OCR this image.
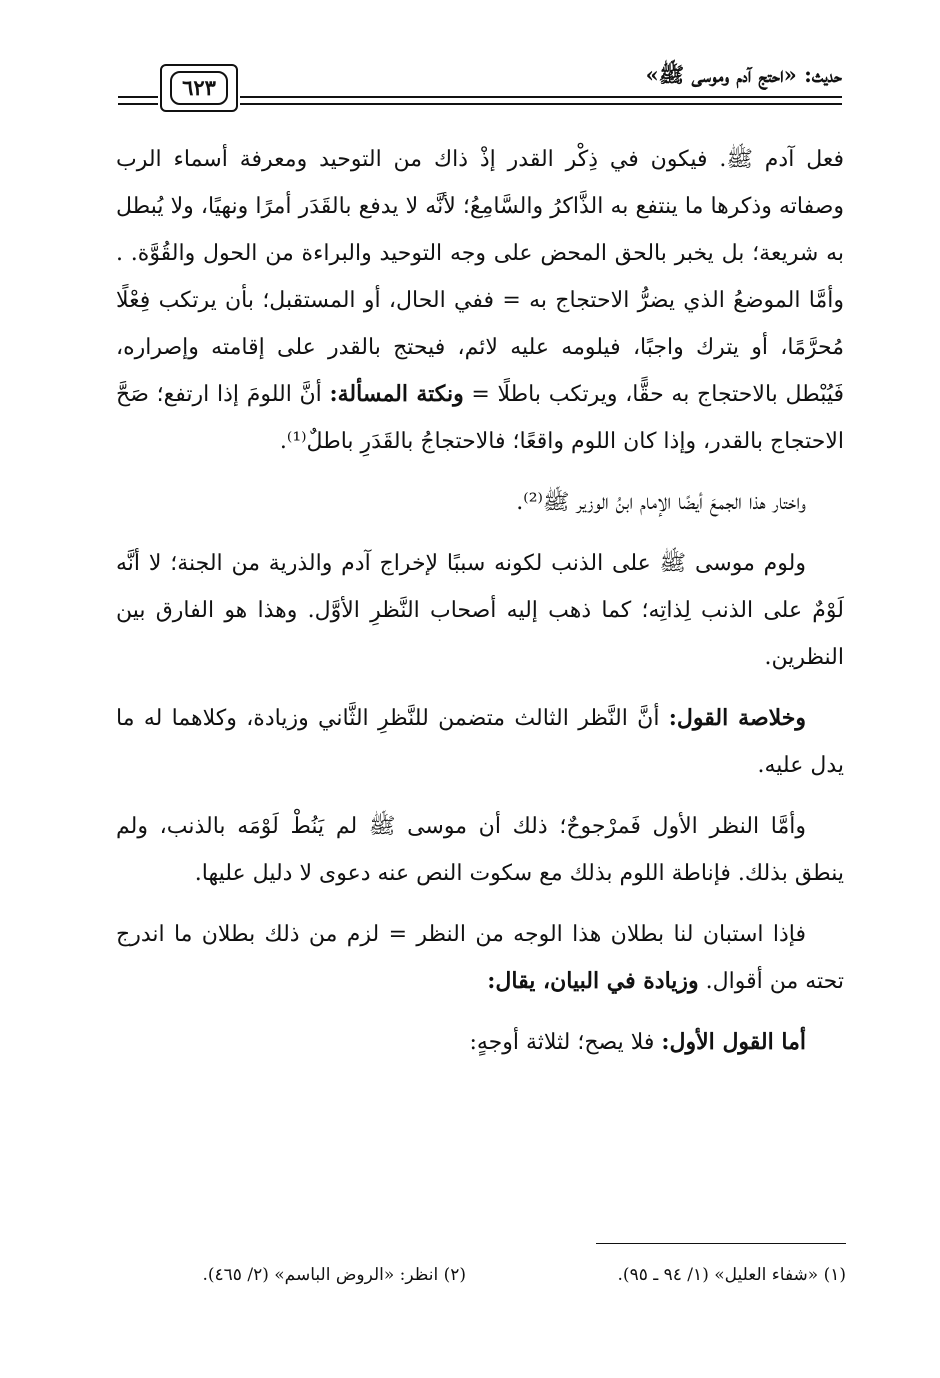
حديث: «احتج آدم وموسى ﷺ»
٦٢٣

فعل آدم ﷺ. فيكون في ذِكْر القدر إذْ ذاك من التوحيد ومعرفة أسماء الرب وصفاته وذكرها ما ينتفع به الذَّاكرُ والسَّامِعُ؛ لأنَّه لا يدفع بالقَدَر أمرًا ونهيًا، ولا يُبطل به شريعة؛ بل يخبر بالحق المحض على وجه التوحيد والبراءة من الحول والقُوَّة. . وأمَّا الموضعُ الذي يضرُّ الاحتجاج به = ففي الحال، أو المستقبل؛ بأن يرتكب فِعْلًا مُحرَّمًا، أو يترك واجبًا، فيلومه عليه لائم، فيحتج بالقدر على إقامته وإصراره، فَيُبْطل بالاحتجاج به حقًّا، ويرتكب باطلًا = ونكتة المسألة: أنَّ اللومَ إذا ارتفع؛ صَحَّ الاحتجاج بالقدر، وإذا كان اللوم واقعًا؛ فالاحتجاجُ بالقَدَرِ باطلٌ⁽¹⁾.

واختار هذا الجمعَ أيضًا الإمام ابنُ الوزير ﷺ⁽²⁾.

ولوم موسى ﷺ على الذنب لكونه سببًا لإخراج آدم والذرية من الجنة؛ لا أنَّه لَوْمٌ على الذنب لِذاتِه؛ كما ذهب إليه أصحاب النَّظرِ الأوَّل. وهذا هو الفارق بين النظرين.

وخلاصة القول: أنَّ النَّظر الثالث متضمن للنَّظرِ الثَّاني وزيادة، وكلاهما له ما يدل عليه.

وأمَّا النظر الأول فَمرْجوحٌ؛ ذلك أن موسى ﷺ لم يَنُطْ لَوْمَه بالذنب، ولم ينطق بذلك. فإناطة اللوم بذلك مع سكوت النص عنه دعوى لا دليل عليها.

فإذا استبان لنا بطلان هذا الوجه من النظر = لزم من ذلك بطلان ما اندرج تحته من أقوال. وزيادة في البيان، يقال:

أما القول الأول: فلا يصح؛ لثلاثة أوجهٍ:

(١) «شفاء العليل» (١/ ٩٤ ـ ٩٥).
(٢) انظر: «الروض الباسم» (٢/ ٤٦٥).
